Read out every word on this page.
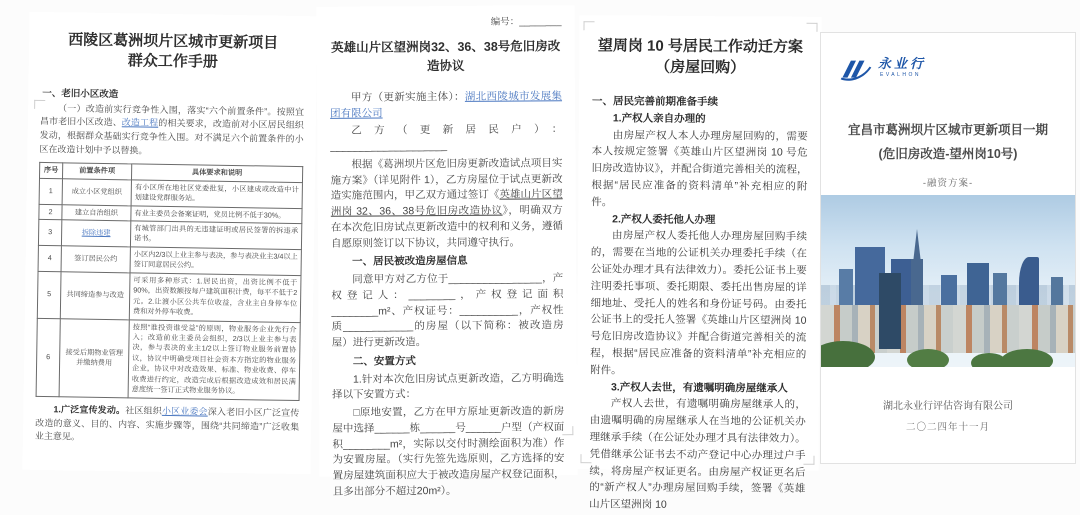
西陵区葛洲坝片区城市更新项目
群众工作手册
一、老旧小区改造
（一）改造前实行竞争性入围，落实“六个前置条件”。按照宜昌市老旧小区改造、改造工程的相关要求，改造前对小区居民组织发动，根据群众基础实行竞争性入围。对不满足六个前置条件的小区在改造计划中予以替换。
序号	前置条件项	具体要求和说明
1	成立小区党组织	有小区所在地社区党委批复，小区建成或改造中计划建设党群服务站。
2	建立自治组织	有业主委员会备案证明，党员比例不低于30%。
3	拆除违建	有城管部门出具的无违建证明或居民签署的拆违承诺书。
4	签订居民公约	小区内2/3以上业主参与表决，参与表决业主3/4以上签订同意居民公约。
5	共同缔造参与改造	可采用多种形式：1.居民出资，出资比例不低于90%，出资数额按每户建筑面积计费，每平不低于2元。2.让渡小区公共车位收益，含业主自身停车位费和对外停车收费。
6	接受后期物业管理并缴纳费用	按照“谁投资谁受益”的原则，物业服务企业先行介入；改造前业主委员会组织，2/3以上业主参与表决，参与表决的业主1/2以上签订物业服务前置协议，协议中明确受项目社会资本方指定的物业服务企业，协议中对改造效果、标准、物业收费、停车收费进行约定，改造完成后根据改造成效和居民满意度统一签订正式物业服务协议。
1.广泛宣传发动。社区组织小区业委会深入老旧小区广泛宣传改造的意义、目的、内容、实施步骤等，围绕“共同缔造”广泛收集业主意见。
编号：________
英雄山片区望洲岗32、36、38号危旧房改造协议

甲方（更新实施主体）：湖北西陵城市发展集团有限公司

乙方（更新居民户）：____________________

根据《葛洲坝片区危旧房更新改造试点项目实施方案》（详见附件 1），乙方房屋位于试点更新改造实施范围内，甲乙双方通过签订《英雄山片区望洲岗 32、36、38号危旧房改造协议》，明确双方在本次危旧房试点更新改造中的权利和义务，遵循自愿原则签订以下协议，共同遵守执行。

一、居民被改造房屋信息

同意甲方对乙方位于________________，产权登记人：________，产权登记面积________m²、产权证号：__________，产权性质____________的房屋（以下简称：被改造房屋）进行更新改造。

二、安置方式

1.针对本次危旧房试点更新改造，乙方明确选择以下安置方式：

□原地安置，乙方在甲方原址更新改造的新房屋中选择______栋______号______户型（产权面积________m²，实际以交付时测绘面积为准）作为安置房屋。（实行先签先选原则，乙方选择的安置房屋建筑面积应大于被改造房屋产权登记面积，且多出部分不超过20m²）。

望周岗 10 号居民工作动迁方案
（房屋回购）

一、居民完善前期准备手续

1.产权人亲自办理的

由房屋产权人本人办理房屋回购的，需要本人按规定签署《英雄山片区望洲岗 10 号危旧房改造协议》，并配合街道完善相关的流程，根据“居民应准备的资料清单”补充相应的附件。

2.产权人委托他人办理

由房屋产权人委托他人办理房屋回购手续的，需要在当地的公证机关办理委托手续（在公证处办理才具有法律效力）。委托公证书上要注明委托事项、委托期限、委托出售房屋的详细地址、受托人的姓名和身份证号码。由委托公证书上的受托人签署《英雄山片区望洲岗 10 号危旧房改造协议》并配合街道完善相关的流程，根据“居民应准备的资料清单”补充相应的附件。

3.产权人去世，有遗嘱明确房屋继承人

产权人去世，有遗嘱明确房屋继承人的，由遗嘱明确的房屋继承人在当地的公证机关办理继承手续（在公证处办理才具有法律效力）。凭借继承公证书去不动产登记中心办理过户手续，将房屋产权证更名。由房屋产权证更名后的“新产权人”办理房屋回购手续，签署《英雄山片区望洲岗 10

永业行
EVALHON
宜昌市葛洲坝片区城市更新项目一期
(危旧房改造-望州岗10号)
-融资方案-
湖北永业行评估咨询有限公司
二〇二四年十一月
